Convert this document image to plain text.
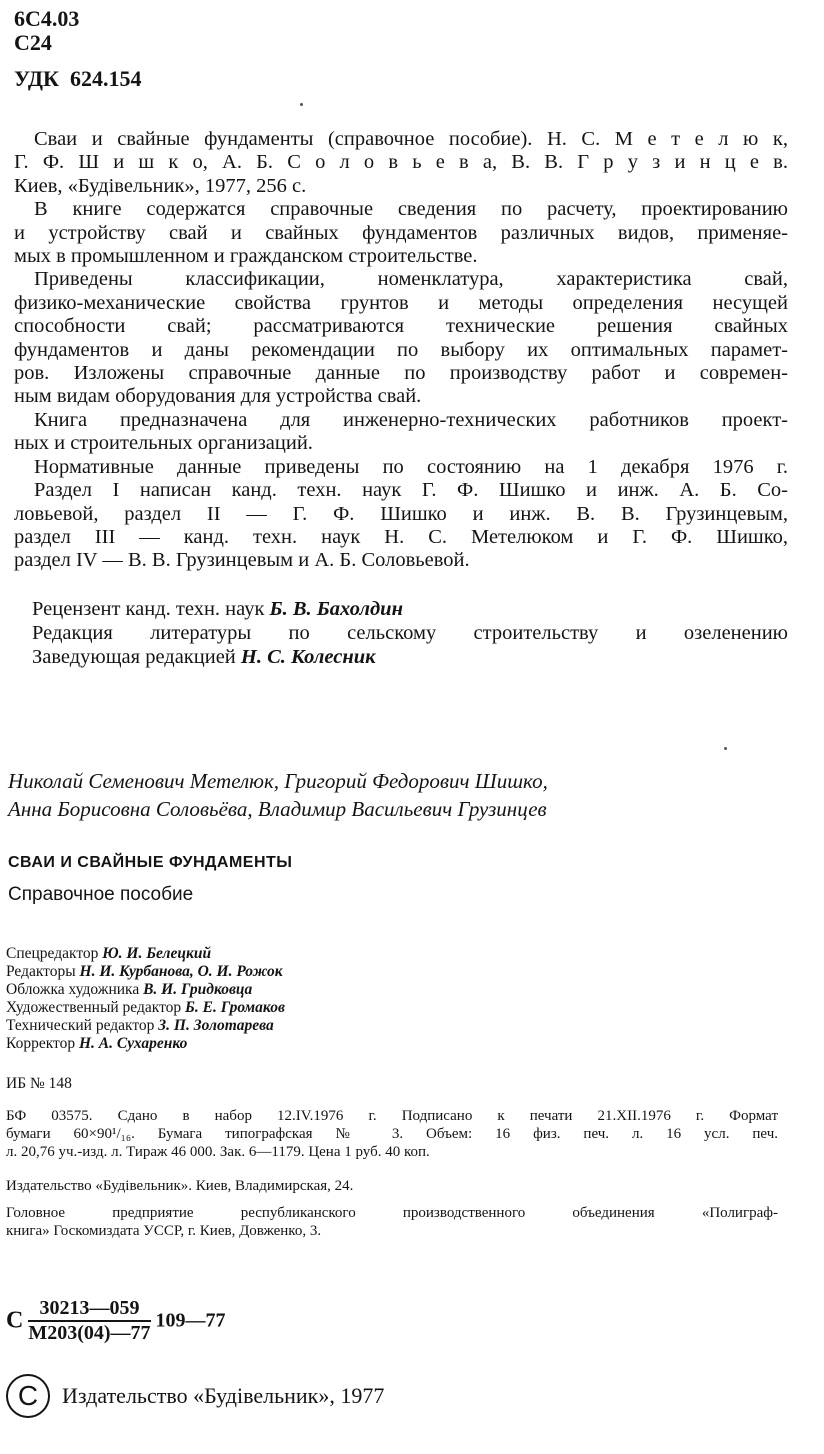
6С4.03
С24
УДК 624.154

Сваи и свайные фундаменты (справочное пособие). Н. С. М е т е л ю к,

Г. Ф. Ш и ш к о, А. Б. С о л о в ь е в а, В. В. Г р у з и н ц е в.

Киев, «Будівельник», 1977, 256 с.

В книге содержатся справочные сведения по расчету, проектированию

и устройству свай и свайных фундаментов различных видов, применяе-

мых в промышленном и гражданском строительстве.

Приведены классификации, номенклатура, характеристика свай,

физико-механические свойства грунтов и методы определения несущей

способности свай; рассматриваются технические решения свайных

фундаментов и даны рекомендации по выбору их оптимальных парамет-

ров. Изложены справочные данные по производству работ и современ-

ным видам оборудования для устройства свай.

Книга предназначена для инженерно-технических работников проект-

ных и строительных организаций.

Нормативные данные приведены по состоянию на 1 декабря 1976 г.

Раздел I написан канд. техн. наук Г. Ф. Шишко и инж. А. Б. Со-

ловьевой, раздел II — Г. Ф. Шишко и инж. В. В. Грузинцевым,

раздел III — канд. техн. наук Н. С. Метелюком и Г. Ф. Шишко,

раздел IV — В. В. Грузинцевым и А. Б. Соловьевой.

Рецензент канд. техн. наук Б. В. Бахолдин
Редакция литературы по сельскому строительству и озеленению
Заведующая редакцией Н. С. Колесник
Николай Семенович Метелюк, Григорий Федорович Шишко,
Анна Борисовна Соловьёва, Владимир Васильевич Грузинцев
СВАИ И СВАЙНЫЕ ФУНДАМЕНТЫ
Справочное пособие
Спецредактор Ю. И. Белецкий
Редакторы Н. И. Курбанова, О. И. Рожок
Обложка художника В. И. Гридковца
Художественный редактор Б. Е. Громаков
Технический редактор З. П. Золотарева
Корректор Н. А. Сухаренко
ИБ № 148
БФ 03575. Сдано в набор 12.IV.1976 г. Подписано к печати 21.XII.1976 г. Формат
бумаги 60×90¹/₁₆. Бумага типографская № 3. Объем: 16 физ. печ. л. 16 усл. печ.
л. 20,76 уч.-изд. л. Тираж 46 000. Зак. 6—1179. Цена 1 руб. 40 коп.
Издательство «Будівельник». Киев, Владимирская, 24.
Головное предприятие республиканского производственного объединения «Полиграф-
книга» Госкомиздата УССР, г. Киев, Довженко, 3.
С $\frac{30213—059}{М203(04)—77}$ 109—77
C Издательство «Будівельник», 1977
